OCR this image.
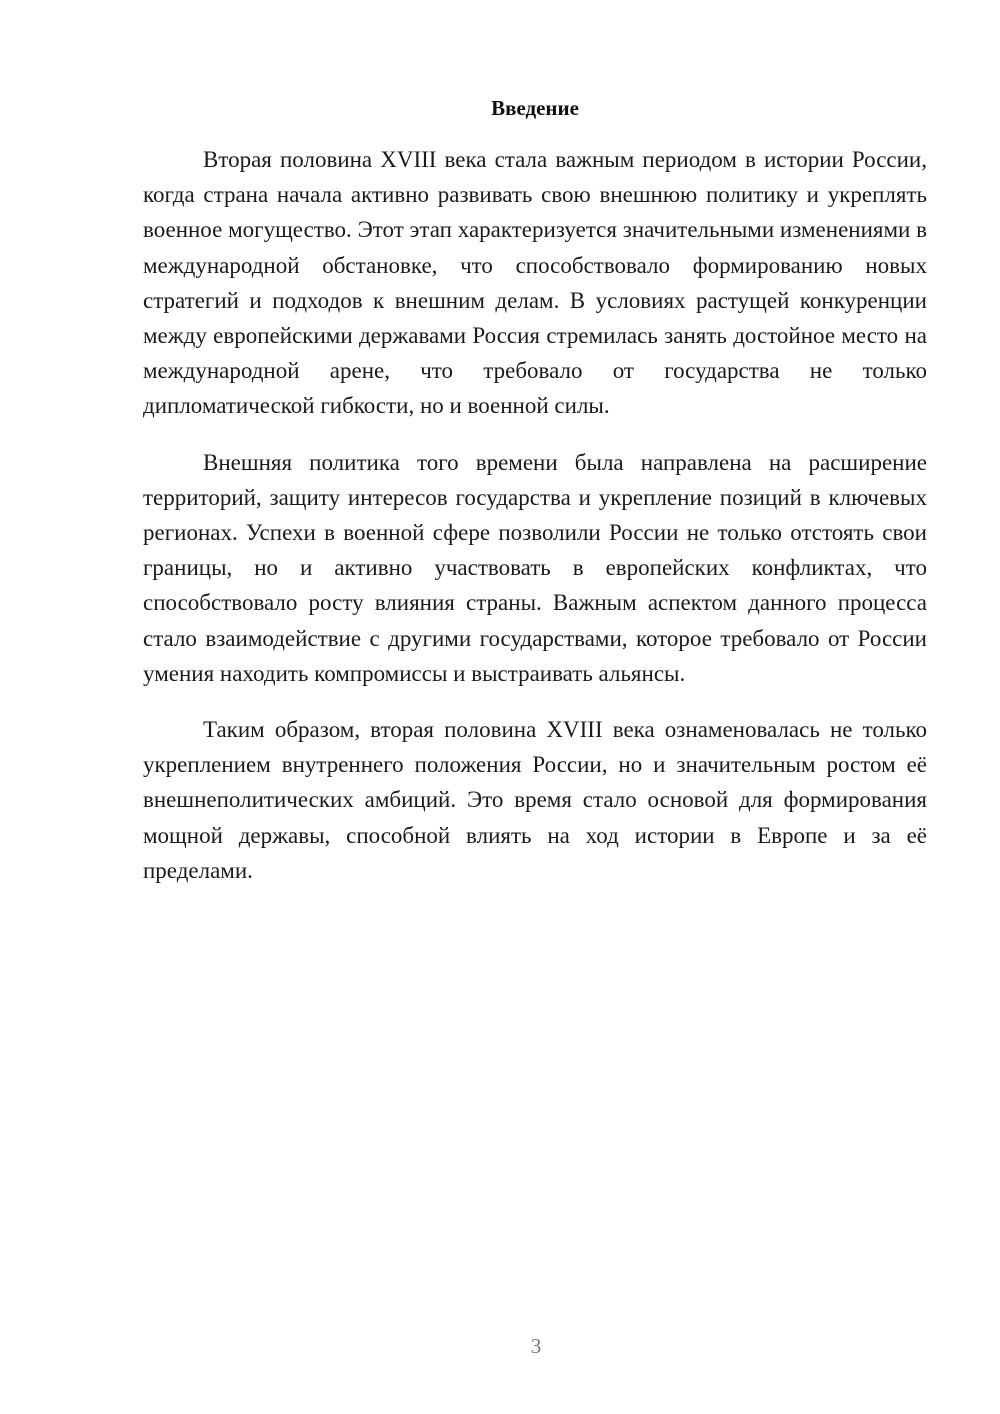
Введение

Вторая половина XVIII века стала важным периодом в истории России, когда страна начала активно развивать свою внешнюю политику и укреплять военное могущество. Этот этап характеризуется значительными изменениями в международной обстановке, что способствовало формированию новых стратегий и подходов к внешним делам. В условиях растущей конкуренции между европейскими державами Россия стремилась занять достойное место на международной арене, что требовало от государства не только дипломатической гибкости, но и военной силы.

Внешняя политика того времени была направлена на расширение территорий, защиту интересов государства и укрепление позиций в ключевых регионах. Успехи в военной сфере позволили России не только отстоять свои границы, но и активно участвовать в европейских конфликтах, что способствовало росту влияния страны. Важным аспектом данного процесса стало взаимодействие с другими государствами, которое требовало от России умения находить компромиссы и выстраивать альянсы.

Таким образом, вторая половина XVIII века ознаменовалась не только укреплением внутреннего положения России, но и значительным ростом её внешнеполитических амбиций. Это время стало основой для формирования мощной державы, способной влиять на ход истории в Европе и за её пределами.

3
